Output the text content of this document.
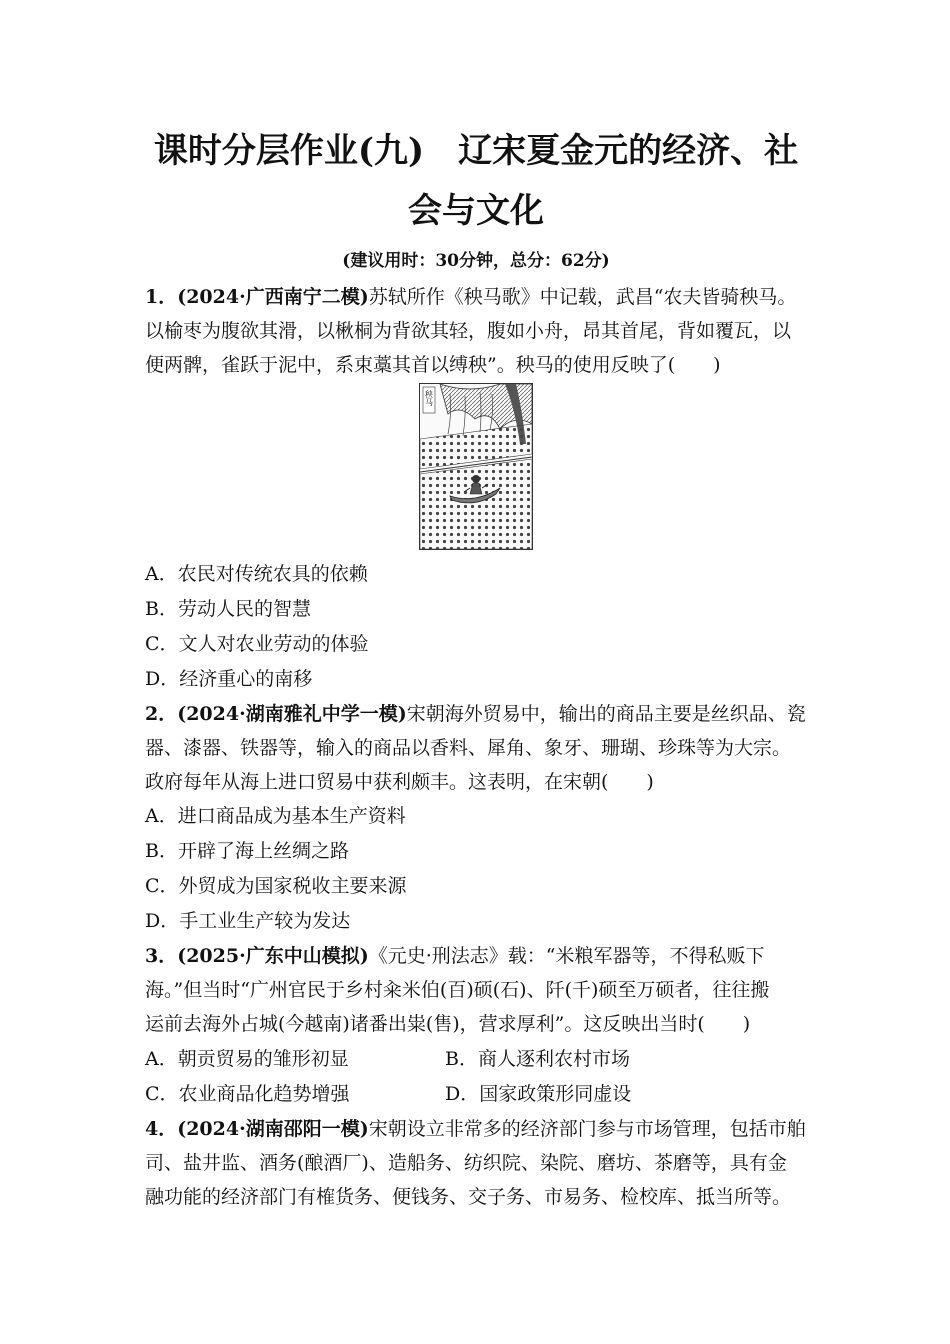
课时分层作业(九)　辽宋夏金元的经济、社
会与文化
(建议用时：30分钟，总分：62分)
1．(2024·广西南宁二模)苏轼所作《秧马歌》中记载，武昌“农夫皆骑秧马。
以榆枣为腹欲其滑，以楸桐为背欲其轻，腹如小舟，昂其首尾，背如覆瓦，以
便两髀，雀跃于泥中，系束藁其首以缚秧”。秧马的使用反映了(　　)
A．农民对传统农具的依赖
B．劳动人民的智慧
C．文人对农业劳动的体验
D．经济重心的南移
2．(2024·湖南雅礼中学一模)宋朝海外贸易中，输出的商品主要是丝织品、瓷
器、漆器、铁器等，输入的商品以香料、犀角、象牙、珊瑚、珍珠等为大宗。
政府每年从海上进口贸易中获利颇丰。这表明，在宋朝(　　)
A．进口商品成为基本生产资料
B．开辟了海上丝绸之路
C．外贸成为国家税收主要来源
D．手工业生产较为发达
3．(2025·广东中山模拟)《元史·刑法志》载：“米粮军器等，不得私贩下
海。”但当时“广州官民于乡村籴米伯(百)硕(石)、阡(千)硕至万硕者，往往搬
运前去海外占城(今越南)诸番出粜(售)，营求厚利”。这反映出当时(　　)
A．朝贡贸易的雏形初显	B．商人逐利农村市场
C．农业商品化趋势增强	D．国家政策形同虚设
4．(2024·湖南邵阳一模)宋朝设立非常多的经济部门参与市场管理，包括市舶
司、盐井监、酒务(酿酒厂)、造船务、纺织院、染院、磨坊、茶磨等，具有金
融功能的经济部门有榷货务、便钱务、交子务、市易务、检校库、抵当所等。
秧马
